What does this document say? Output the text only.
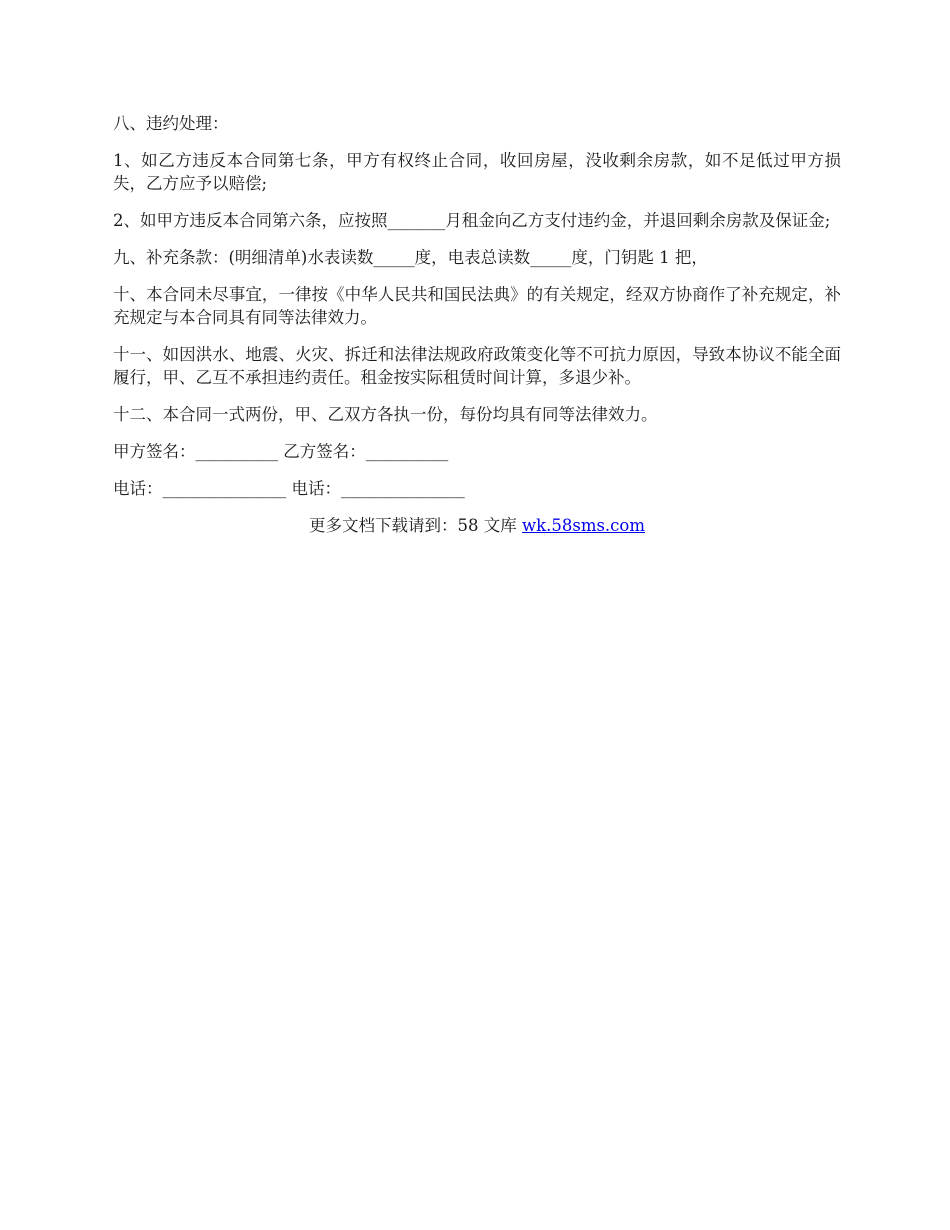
八、违约处理：

1、如乙方违反本合同第七条，甲方有权终止合同，收回房屋，没收剩余房款，如不足低过甲方损失，乙方应予以赔偿;

2、如甲方违反本合同第六条，应按照_______月租金向乙方支付违约金，并退回剩余房款及保证金;

九、补充条款：(明细清单)水表读数_____度，电表总读数_____度，门钥匙 1 把，

十、本合同未尽事宜，一律按《中华人民共和国民法典》的有关规定，经双方协商作了补充规定，补充规定与本合同具有同等法律效力。

十一、如因洪水、地震、火灾、拆迁和法律法规政府政策变化等不可抗力原因，导致本协议不能全面履行，甲、乙互不承担违约责任。租金按实际租赁时间计算，多退少补。

十二、本合同一式两份，甲、乙双方各执一份，每份均具有同等法律效力。

甲方签名：__________ 乙方签名：__________

电话：_______________ 电话：_______________

更多文档下载请到：58 文库 wk.58sms.com
